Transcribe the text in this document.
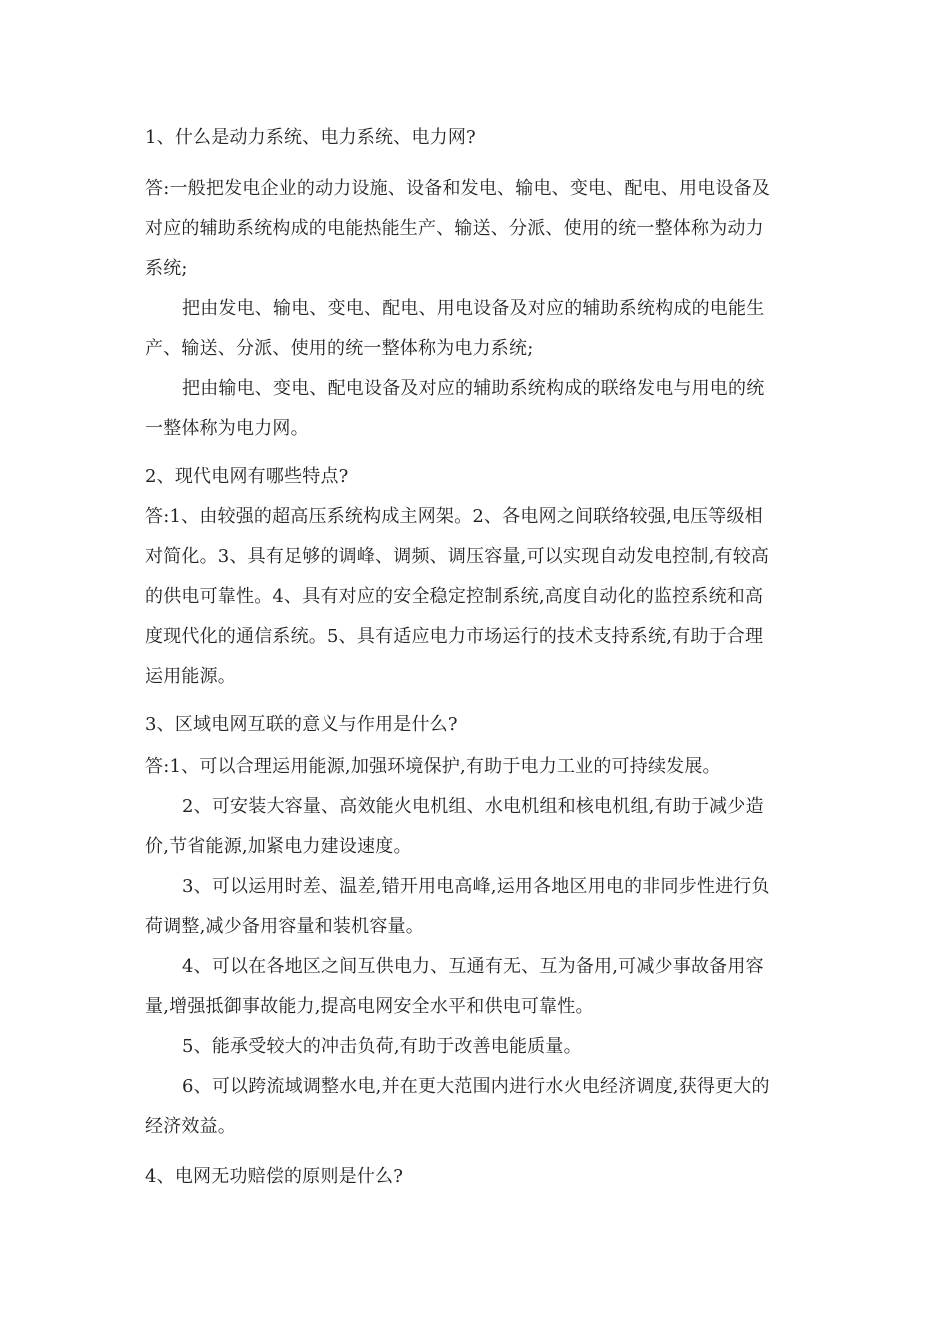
1、什么是动力系统、电力系统、电力网?
答:一般把发电企业的动力设施、设备和发电、输电、变电、配电、用电设备及
对应的辅助系统构成的电能热能生产、输送、分派、使用的统一整体称为动力
系统;
把由发电、输电、变电、配电、用电设备及对应的辅助系统构成的电能生
产、输送、分派、使用的统一整体称为电力系统;
把由输电、变电、配电设备及对应的辅助系统构成的联络发电与用电的统
一整体称为电力网。
2、现代电网有哪些特点?
答:1、由较强的超高压系统构成主网架。2、各电网之间联络较强,电压等级相
对简化。3、具有足够的调峰、调频、调压容量,可以实现自动发电控制,有较高
的供电可靠性。4、具有对应的安全稳定控制系统,高度自动化的监控系统和高
度现代化的通信系统。5、具有适应电力市场运行的技术支持系统,有助于合理
运用能源。
3、区域电网互联的意义与作用是什么?
答:1、可以合理运用能源,加强环境保护,有助于电力工业的可持续发展。
2、可安装大容量、高效能火电机组、水电机组和核电机组,有助于减少造
价,节省能源,加紧电力建设速度。
3、可以运用时差、温差,错开用电高峰,运用各地区用电的非同步性进行负
荷调整,减少备用容量和装机容量。
4、可以在各地区之间互供电力、互通有无、互为备用,可减少事故备用容
量,增强抵御事故能力,提高电网安全水平和供电可靠性。
5、能承受较大的冲击负荷,有助于改善电能质量。
6、可以跨流域调整水电,并在更大范围内进行水火电经济调度,获得更大的
经济效益。
4、电网无功赔偿的原则是什么?
